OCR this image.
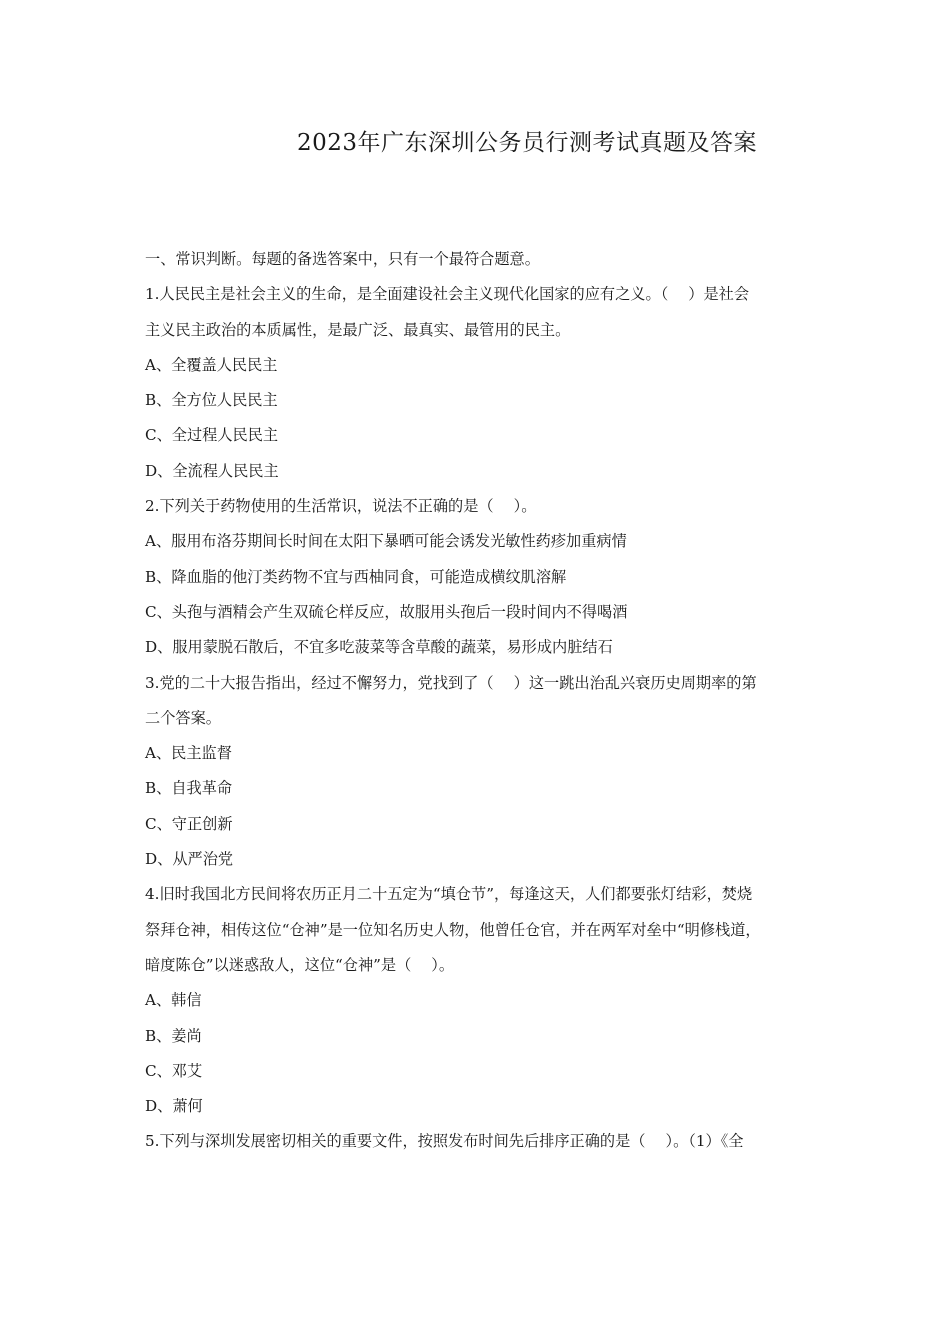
2023年广东深圳公务员行测考试真题及答案
一、常识判断。每题的备选答案中，只有一个最符合题意。
1.人民民主是社会主义的生命，是全面建设社会主义现代化国家的应有之义。（　 ）是社会
主义民主政治的本质属性，是最广泛、最真实、最管用的民主。
A、全覆盖人民民主
B、全方位人民民主
C、全过程人民民主
D、全流程人民民主
2.下列关于药物使用的生活常识，说法不正确的是（　 ）。
A、服用布洛芬期间长时间在太阳下暴晒可能会诱发光敏性药疹加重病情
B、降血脂的他汀类药物不宜与西柚同食，可能造成横纹肌溶解
C、头孢与酒精会产生双硫仑样反应，故服用头孢后一段时间内不得喝酒
D、服用蒙脱石散后，不宜多吃菠菜等含草酸的蔬菜，易形成内脏结石
3.党的二十大报告指出，经过不懈努力，党找到了（　 ）这一跳出治乱兴衰历史周期率的第
二个答案。
A、民主监督
B、自我革命
C、守正创新
D、从严治党
4.旧时我国北方民间将农历正月二十五定为“填仓节”，每逢这天，人们都要张灯结彩，焚烧
祭拜仓神，相传这位“仓神”是一位知名历史人物，他曾任仓官，并在两军对垒中“明修栈道，
暗度陈仓”以迷惑敌人，这位“仓神”是（　 ）。
A、韩信
B、姜尚
C、邓艾
D、萧何
5.下列与深圳发展密切相关的重要文件，按照发布时间先后排序正确的是（　 ）。（1）《全
